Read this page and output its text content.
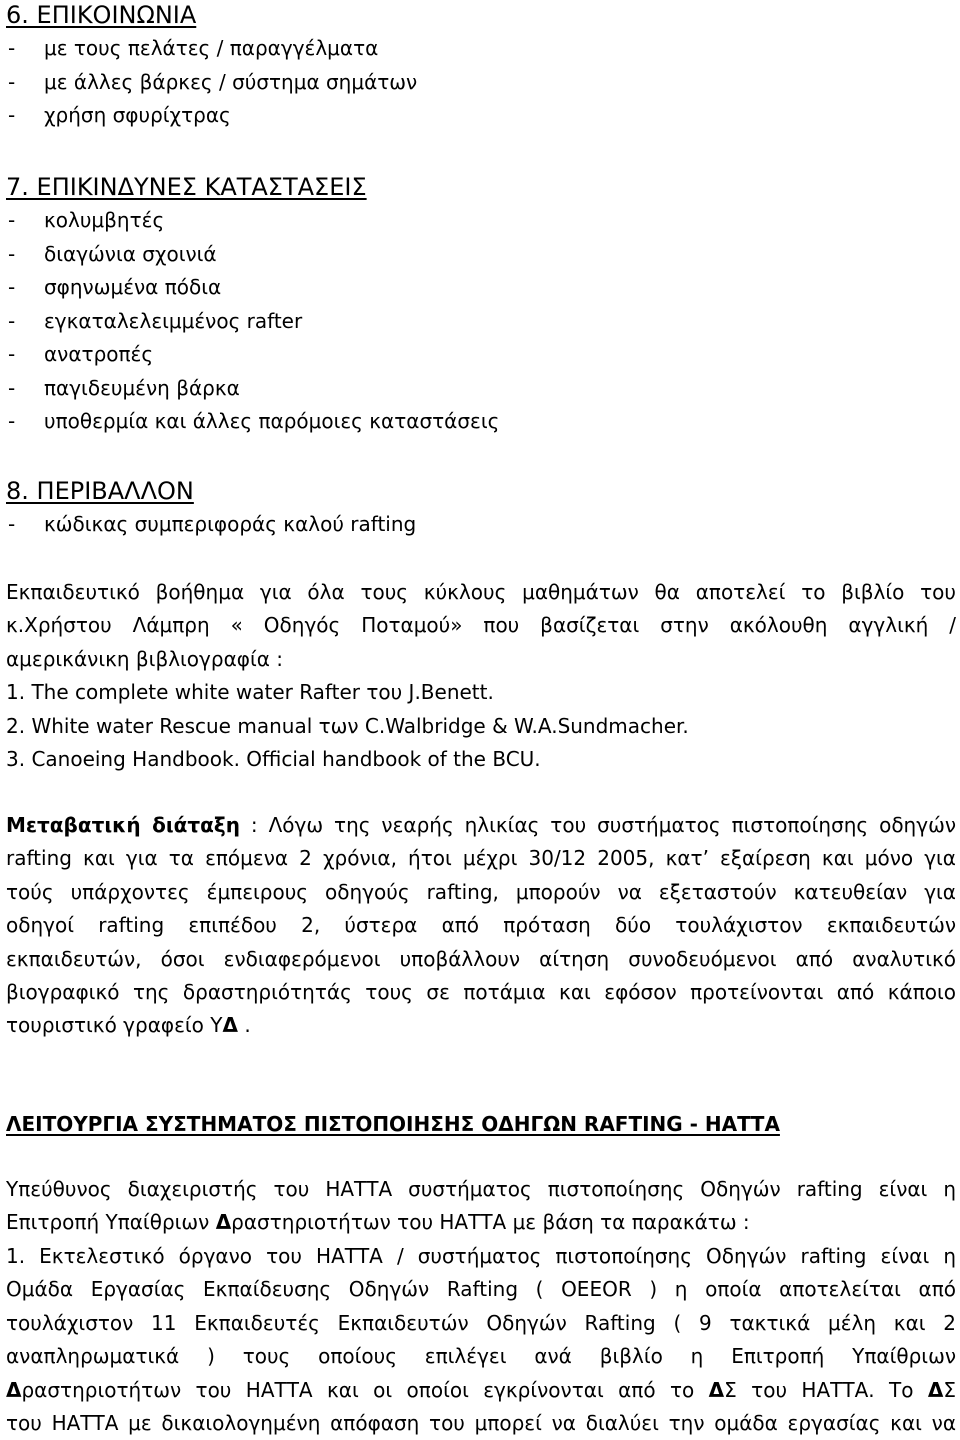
6. ΕΠΙΚΟΙΝΩΝΙΑ
- με τους πελάτες / παραγγέλματα
- με άλλες βάρκες / σύστημα σημάτων
- χρήση σφυρίχτρας
7. ΕΠΙΚΙΝΔΥΝΕΣ ΚΑΤΑΣΤΑΣΕΙΣ
- κολυμβητές
- διαγώνια σχοινιά
- σφηνωμένα πόδια
- εγκαταλελειμμένος rafter
- ανατροπές
- παγιδευμένη βάρκα
- υποθερμία και άλλες παρόμοιες καταστάσεις
8. ΠΕΡΙΒΑΛΛΟΝ
- κώδικας συμπεριφοράς καλού rafting
Εκπαιδευτικό βοήθημα για όλα τους κύκλους μαθημάτων θα αποτελεί το βιβλίο του
κ.Χρήστου Λάμπρη « Οδηγός Ποταμού» που βασίζεται στην ακόλουθη αγγλική /
αμερικάνικη βιβλιογραφία :
1. The complete white water Rafter του J.Benett.
2. White water Rescue manual των C.Walbridge & W.A.Sundmacher.
3. Canoeing Handbook. Official handbook of the BCU.
Μεταβατική διάταξη : Λόγω της νεαρής ηλικίας του συστήματος πιστοποίησης οδηγών
rafting και για τα επόμενα 2 χρόνια, ήτοι μέχρι 30/12 2005, κατ’ εξαίρεση και μόνο για
τούς υπάρχοντες έμπειρους οδηγούς rafting, μπορούν να εξεταστούν κατευθείαν για
οδηγοί rafting επιπέδου 2, ύστερα από πρόταση δύο τουλάχιστον εκπαιδευτών
εκπαιδευτών, όσοι ενδιαφερόμενοι υποβάλλουν αίτηση συνοδευόμενοι από αναλυτικό
βιογραφικό της δραστηριότητάς τους σε ποτάμια και εφόσον προτείνονται από κάποιο
τουριστικό γραφείο ΥΔ .
ΛΕΙΤΟΥΡΓΙΑ ΣΥΣΤΗΜΑΤΟΣ ΠΙΣΤΟΠΟΙΗΣΗΣ ΟΔΗΓΩΝ RAFTING - ΗΑΤΤΑ
Υπεύθυνος διαχειριστής του ΗΑΤΤΑ συστήματος πιστοποίησης Οδηγών rafting είναι η
Επιτροπή Υπαίθριων Δραστηριοτήτων του ΗΑΤΤΑ με βάση τα παρακάτω :
1. Εκτελεστικό όργανο του ΗΑΤΤΑ / συστήματος πιστοποίησης Οδηγών rafting είναι η
Ομάδα Εργασίας Εκπαίδευσης Οδηγών Rafting ( ΟΕΕΟR ) η οποία αποτελείται από
τουλάχιστον 11 Εκπαιδευτές Εκπαιδευτών Οδηγών Rafting ( 9 τακτικά μέλη και 2
αναπληρωματικά ) τους οποίους επιλέγει ανά βιβλίο η Επιτροπή Υπαίθριων
Δραστηριοτήτων του ΗΑΤΤΑ και οι οποίοι εγκρίνονται από το ΔΣ του ΗΑΤΤΑ. Το ΔΣ
του ΗΑΤΤΑ με δικαιολογημένη απόφαση του μπορεί να διαλύει την ομάδα εργασίας και να
